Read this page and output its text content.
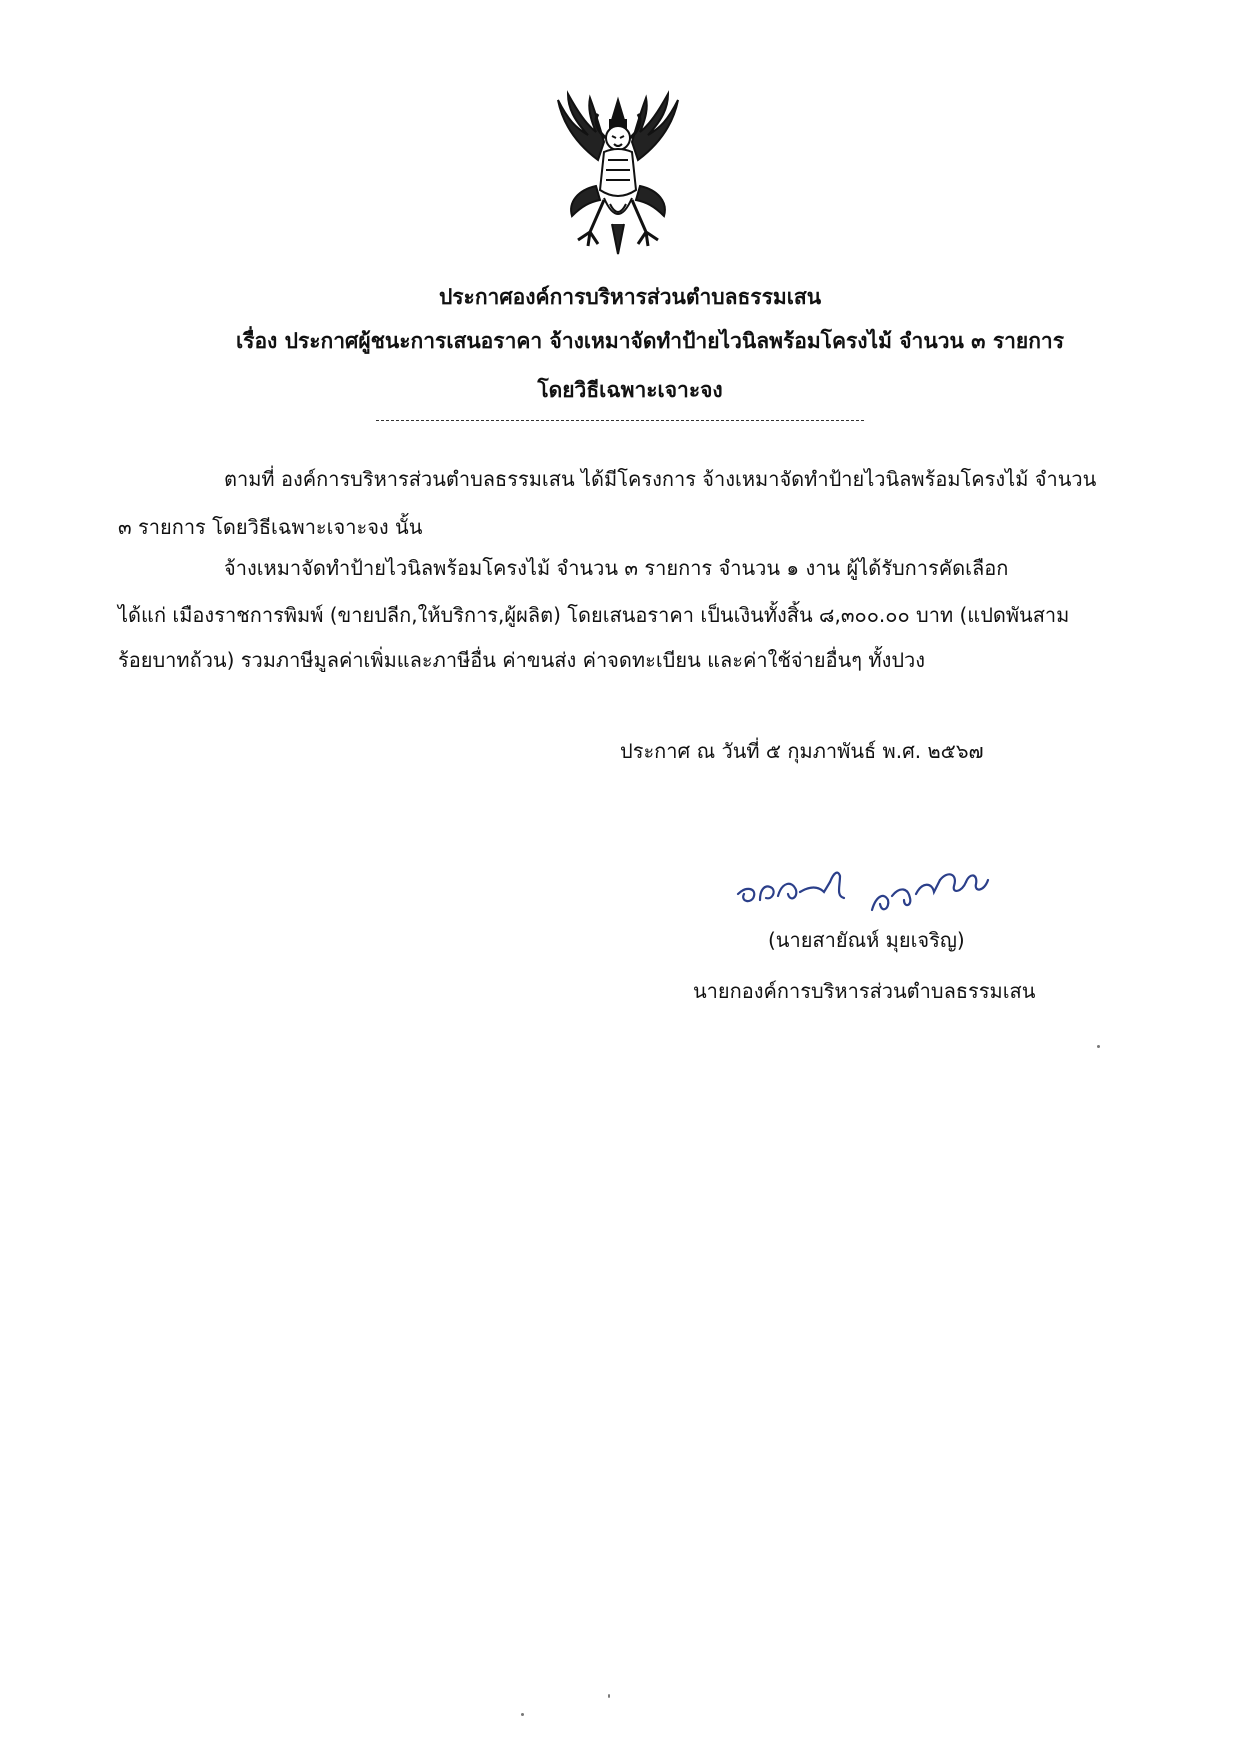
ประกาศองค์การบริหารส่วนตำบลธรรมเสน
เรื่อง ประกาศผู้ชนะการเสนอราคา จ้างเหมาจัดทำป้ายไวนิลพร้อมโครงไม้ จำนวน ๓ รายการ
โดยวิธีเฉพาะเจาะจง
ตามที่ องค์การบริหารส่วนตำบลธรรมเสน ได้มีโครงการ จ้างเหมาจัดทำป้ายไวนิลพร้อมโครงไม้ จำนวน
๓ รายการ โดยวิธีเฉพาะเจาะจง นั้น
จ้างเหมาจัดทำป้ายไวนิลพร้อมโครงไม้ จำนวน ๓ รายการ จำนวน ๑ งาน ผู้ได้รับการคัดเลือก
ได้แก่ เมืองราชการพิมพ์ (ขายปลีก,ให้บริการ,ผู้ผลิต) โดยเสนอราคา เป็นเงินทั้งสิ้น ๘,๓๐๐.๐๐ บาท (แปดพันสาม
ร้อยบาทถ้วน) รวมภาษีมูลค่าเพิ่มและภาษีอื่น ค่าขนส่ง ค่าจดทะเบียน และค่าใช้จ่ายอื่นๆ ทั้งปวง
ประกาศ ณ วันที่ ๕ กุมภาพันธ์ พ.ศ. ๒๕๖๗
(นายสายัณห์ มุยเจริญ)
นายกองค์การบริหารส่วนตำบลธรรมเสน
